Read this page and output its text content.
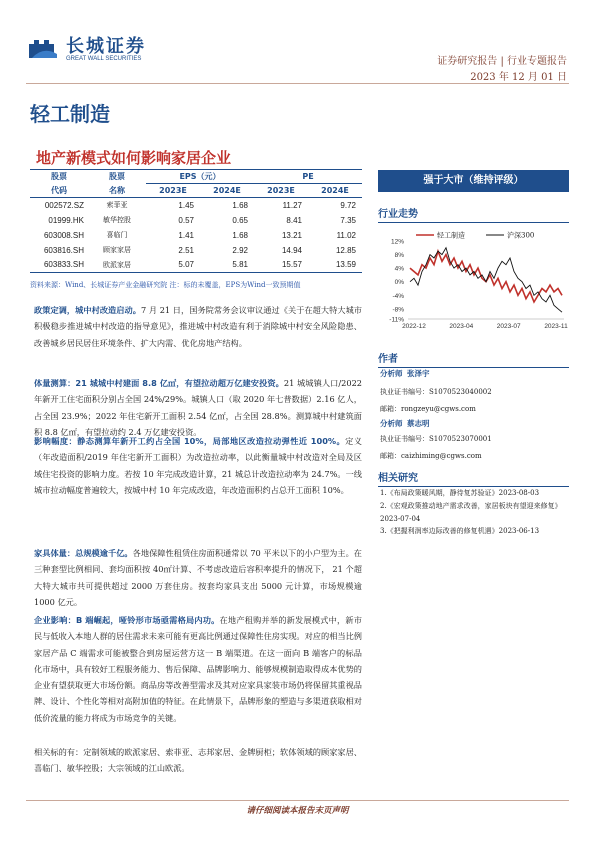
长城证券
GREAT WALL SECURITIES	证券研究报告 | 行业专题报告
2023 年 12 月 01 日
轻工制造
地产新模式如何影响家居企业
股票	股票	EPS（元）		PE	
代码	名称	2023E	2024E	2023E	2024E
002572.SZ	索菲亚	1.45	1.68	11.27	9.72
01999.HK	敏华控股	0.57	0.65	8.41	7.35
603008.SH	喜临门	1.41	1.68	13.21	11.02
603816.SH	顾家家居	2.51	2.92	14.94	12.85
603833.SH	欧派家居	5.07	5.81	15.57	13.59
资料来源：Wind、长城证券产业金融研究院 注：标的未覆盖，EPS为Wind一致预期值
政策定调，城中村改造启动。7 月 21 日，国务院常务会议审议通过《关于在超大特大城市积极稳步推进城中村改造的指导意见》，推进城中村改造有利于消除城中村安全风险隐患、改善城乡居民居住环境条件、扩大内需、优化房地产结构。
体量测算：21 城城中村建面 8.8 亿㎡，有望拉动超万亿建安投资。21 城城镇人口/2022 年新开工住宅面积分别占全国 24%/29%。城镇人口（取 2020 年七普数据）2.16 亿人，占全国 23.9%；2022 年住宅新开工面积 2.54 亿㎡，占全国 28.8%。测算城中村建筑面积 8.8 亿㎡，有望拉动约 2.4 万亿建安投资。
影响幅度：静态测算年新开工约占全国 10%，局部地区改造拉动弹性近 100%。定义（年改造面积/2019 年住宅新开工面积）为改造拉动率，以此衡量城中村改造对全局及区域住宅投资的影响力度。若按 10 年完成改造计算，21 城总计改造拉动率为 24.7%。一线城市拉动幅度普遍较大，按城中村 10 年完成改造，年改造面积约占总开工面积 10%。
家具体量：总规模逾千亿。各地保障性租赁住房面积通常以 70 平米以下的小户型为主。在三种套型比例相同、套均面积按 40㎡计算、不考虑改造后容积率提升的情况下， 21 个超大特大城市共可提供超过 2000 万套住房。按套均家具支出 5000 元计算，市场规模逾 1000 亿元。
企业影响：B 端崛起，哑铃形市场亟需格局内功。在地产租购并举的新发展模式中，新市民与低收入本地人群的居住需求未来可能有更高比例通过保障性住房实现。对应的相当比例家居产品 C 端需求可能被整合到房屋运营方这一 B 端渠道。在这一面向 B 端客户的标品化市场中，具有较好工程服务能力、售后保障、品牌影响力、能够规模制造取得成本优势的企业有望获取更大市场份额。商品房等改善型需求及其对应家具家装市场仍将保留其重视品牌、设计、个性化等相对高附加值的特征。在此情景下，品牌形象的塑造与多渠道获取相对低价流量的能力将成为市场竞争的关键。
相关标的有：定制领域的欧派家居、索菲亚、志邦家居、金牌厨柜；软体领域的顾家家居、喜临门、敏华控股；大宗领域的江山欧派。
强于大市（维持评级）
行业走势
12%
8%
4%
0%
-4%
-8%
-11%
2022-12	2023-04	2023-07	2023-11
轻工制造	沪深300
作者
分析师 张泽宇
执业证书编号：S1070523040002
邮箱：rongzeyu@cgws.com
分析师 蔡志明
执业证书编号：S1070523070001
邮箱：caizhiming@cgws.com
相关研究
1.《布局政策暖风期，静待复苏验证》2023-08-03
2.《宏观政策推动地产需求改善，家居板块有望迎来修复》2023-07-04
3.《把握利润率边际改善的修复机遇》2023-06-13
请仔细阅读本报告末页声明
